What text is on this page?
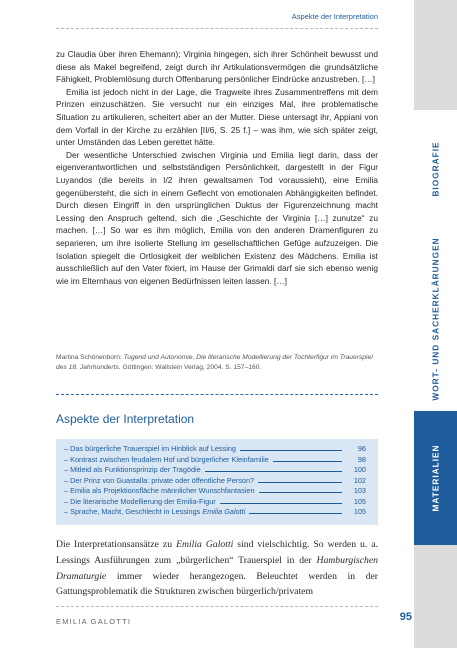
Aspekte der Interpretation

zu Claudia über ihren Ehemann); Virginia hingegen, sich ihrer Schönheit bewusst und diese als Makel begreifend, zeigt durch ihr Artikulationsvermögen die grundsätzliche Fähigkeit, Problemlösung durch Offenbarung persönlicher Eindrücke anzustreben. […]

Emilia ist jedoch nicht in der Lage, die Tragweite ihres Zusammentreffens mit dem Prinzen einzuschätzen. Sie versucht nur ein einziges Mal, ihre problematische Situation zu artikulieren, scheitert aber an der Mutter. Diese untersagt ihr, Appiani von dem Vorfall in der Kirche zu erzählen [II/6, S. 25 f.] – was ihm, wie sich später zeigt, unter Umständen das Leben gerettet hätte.

Der wesentliche Unterschied zwischen Virginia und Emilia liegt darin, dass der eigenverantwortlichen und selbstständigen Persönlichkeit, dargestellt in der Figur Luyandos (die bereits in I/2 ihren gewaltsamen Tod voraussieht), eine Emilia gegenübersteht, die sich in einem Geflecht von emotionalen Abhängigkeiten befindet. Durch diesen Eingriff in den ursprünglichen Duktus der Figurenzeichnung macht Lessing den Anspruch geltend, sich die „Geschichte der Virginia […] zunutze“ zu machen. […] So war es ihm möglich, Emilia von den anderen Dramenfiguren zu separieren, um ihre isolierte Stellung im gesellschaftlichen Gefüge aufzuzeigen. Die Isolation spiegelt die Ortlosigkeit der weiblichen Existenz des Mädchens. Emilia ist ausschließlich auf den Vater fixiert, im Hause der Grimaldi darf sie sich ebenso wenig wie im Elternhaus von eigenen Bedürfnissen leiten lassen. […]

Martina Schönenborn: Tugend und Autonomie. Die literarische Modellierung der Tochterfigur im Trauerspiel des 18. Jahrhunderts. Göttingen: Wallstein Verlag, 2004. S. 157–160.
Aspekte der Interpretation
– Das bürgerliche Trauerspiel im Hinblick auf Lessing	96
– Kontrast zwischen feudalem Hof und bürgerlicher Kleinfamilie	98
– Mitleid als Funktionsprinzip der Tragödie	100
– Der Prinz von Guastalla: private oder öffentliche Person?	102
– Emilia als Projektionsfläche männlicher Wunschfantasien	103
– Die literarische Modellierung der Emilia-Figur	105
– Sprache, Macht, Geschlecht in Lessings Emilia Galotti	105

Die Interpretationsansätze zu Emilia Galotti sind vielschichtig. So werden u. a. Lessings Ausführungen zum „bürgerlichen“ Trauerspiel in der Hamburgischen Dramaturgie immer wieder herangezogen. Beleuchtet werden in der Gattungsproblematik die Strukturen zwischen bürgerlich/privatem

EMILIA GALOTTI	95
BIOGRAFIE
WORT- UND SACHERKLÄRUNGEN
MATERIALIEN
